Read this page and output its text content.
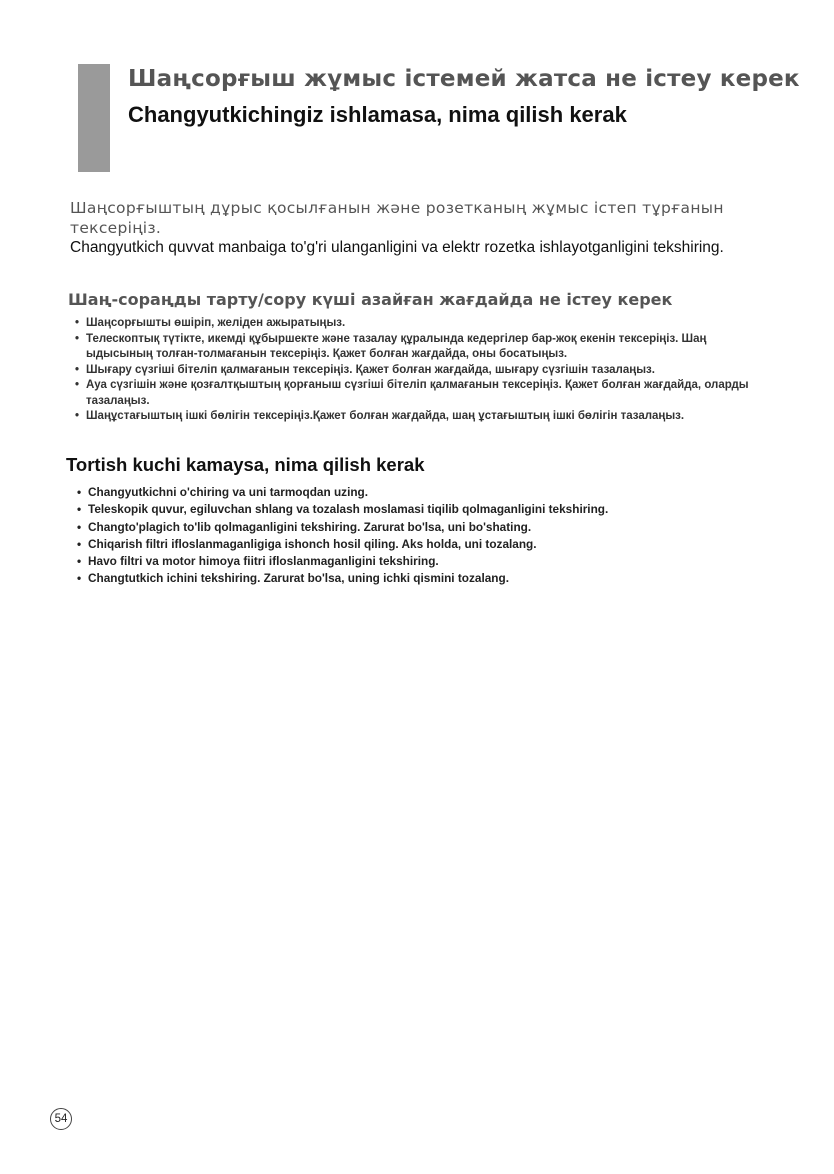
Шаңсорғыш жұмыс істемей жатса не істеу керек
Changyutkichingiz ishlamasa, nima qilish kerak

Шаңсорғыштың дұрыс қосылғанын және розетканың жұмыс істеп тұрғанын тексеріңіз.

Changyutkich quvvat manbaiga to'g'ri ulanganligini va elektr rozetka ishlayotganligini tekshiring.

Шаң-сораңды тарту/сору күші азайған жағдайда не істеу керек
• Шаңсорғышты өшіріп, желіден ажыратыңыз.
• Телескоптық түтікте, икемді құбыршекте және тазалау құралында кедергілер бар-жоқ екенін тексеріңіз. Шаң ыдысының толған-толмағанын тексеріңіз. Қажет болған жағдайда, оны босатыңыз.
• Шығару сүзгіші бітеліп қалмағанын тексеріңіз. Қажет болған жағдайда, шығару сүзгішін тазалаңыз.
• Ауа сүзгішін және қозғалтқыштың қорғаныш сүзгіші бітеліп қалмағанын тексеріңіз. Қажет болған жағдайда, оларды тазалаңыз.
• Шаңұстағыштың ішкі бөлігін тексеріңіз.Қажет болған жағдайда, шаң ұстағыштың ішкі бөлігін тазалаңыз.
Tortish kuchi kamaysa, nima qilish kerak
• Changyutkichni o'chiring va uni tarmoqdan uzing.
• Teleskopik quvur, egiluvchan shlang va tozalash moslamasi tiqilib qolmaganligini tekshiring.
• Changto'plagich to'lib qolmaganligini tekshiring. Zarurat bo'lsa, uni bo'shating.
• Chiqarish filtri ifloslanmaganligiga ishonch hosil qiling. Aks holda, uni tozalang.
• Havo filtri va motor himoya fiitri ifloslanmaganligini tekshiring.
• Changtutkich ichini tekshiring. Zarurat bo'lsa, uning ichki qismini tozalang.
54
